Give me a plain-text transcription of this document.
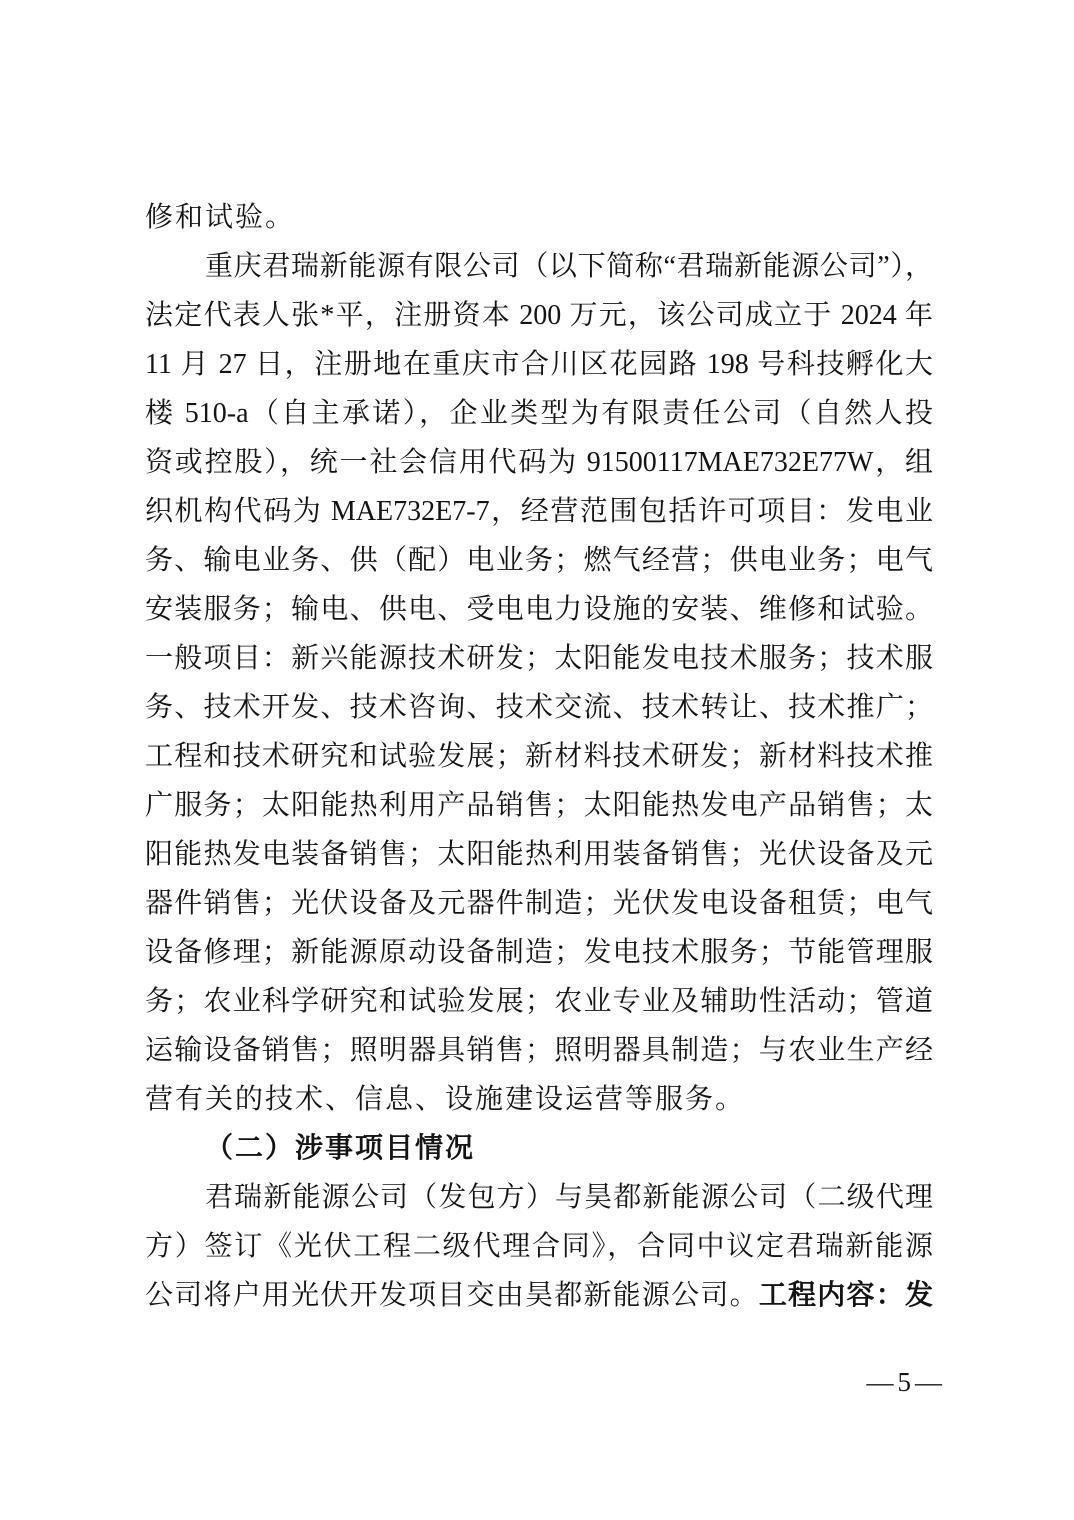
修和试验。
重庆君瑞新能源有限公司（以下简称“君瑞新能源公司”），
法定代表人张*平，注册资本 200 万元，该公司成立于 2024 年
11 月 27 日，注册地在重庆市合川区花园路 198 号科技孵化大
楼 510-a（自主承诺），企业类型为有限责任公司（自然人投
资或控股），统一社会信用代码为 91500117MAE732E77W，组
织机构代码为 MAE732E7-7，经营范围包括许可项目：发电业
务、输电业务、供（配）电业务；燃气经营；供电业务；电气
安装服务；输电、供电、受电电力设施的安装、维修和试验。
一般项目：新兴能源技术研发；太阳能发电技术服务；技术服
务、技术开发、技术咨询、技术交流、技术转让、技术推广；
工程和技术研究和试验发展；新材料技术研发；新材料技术推
广服务；太阳能热利用产品销售；太阳能热发电产品销售；太
阳能热发电装备销售；太阳能热利用装备销售；光伏设备及元
器件销售；光伏设备及元器件制造；光伏发电设备租赁；电气
设备修理；新能源原动设备制造；发电技术服务；节能管理服
务；农业科学研究和试验发展；农业专业及辅助性活动；管道
运输设备销售；照明器具销售；照明器具制造；与农业生产经
营有关的技术、信息、设施建设运营等服务。
（二）涉事项目情况
君瑞新能源公司（发包方）与昊都新能源公司（二级代理
方）签订《光伏工程二级代理合同》，合同中议定君瑞新能源
公司将户用光伏开发项目交由昊都新能源公司。工程内容：发
—5—
